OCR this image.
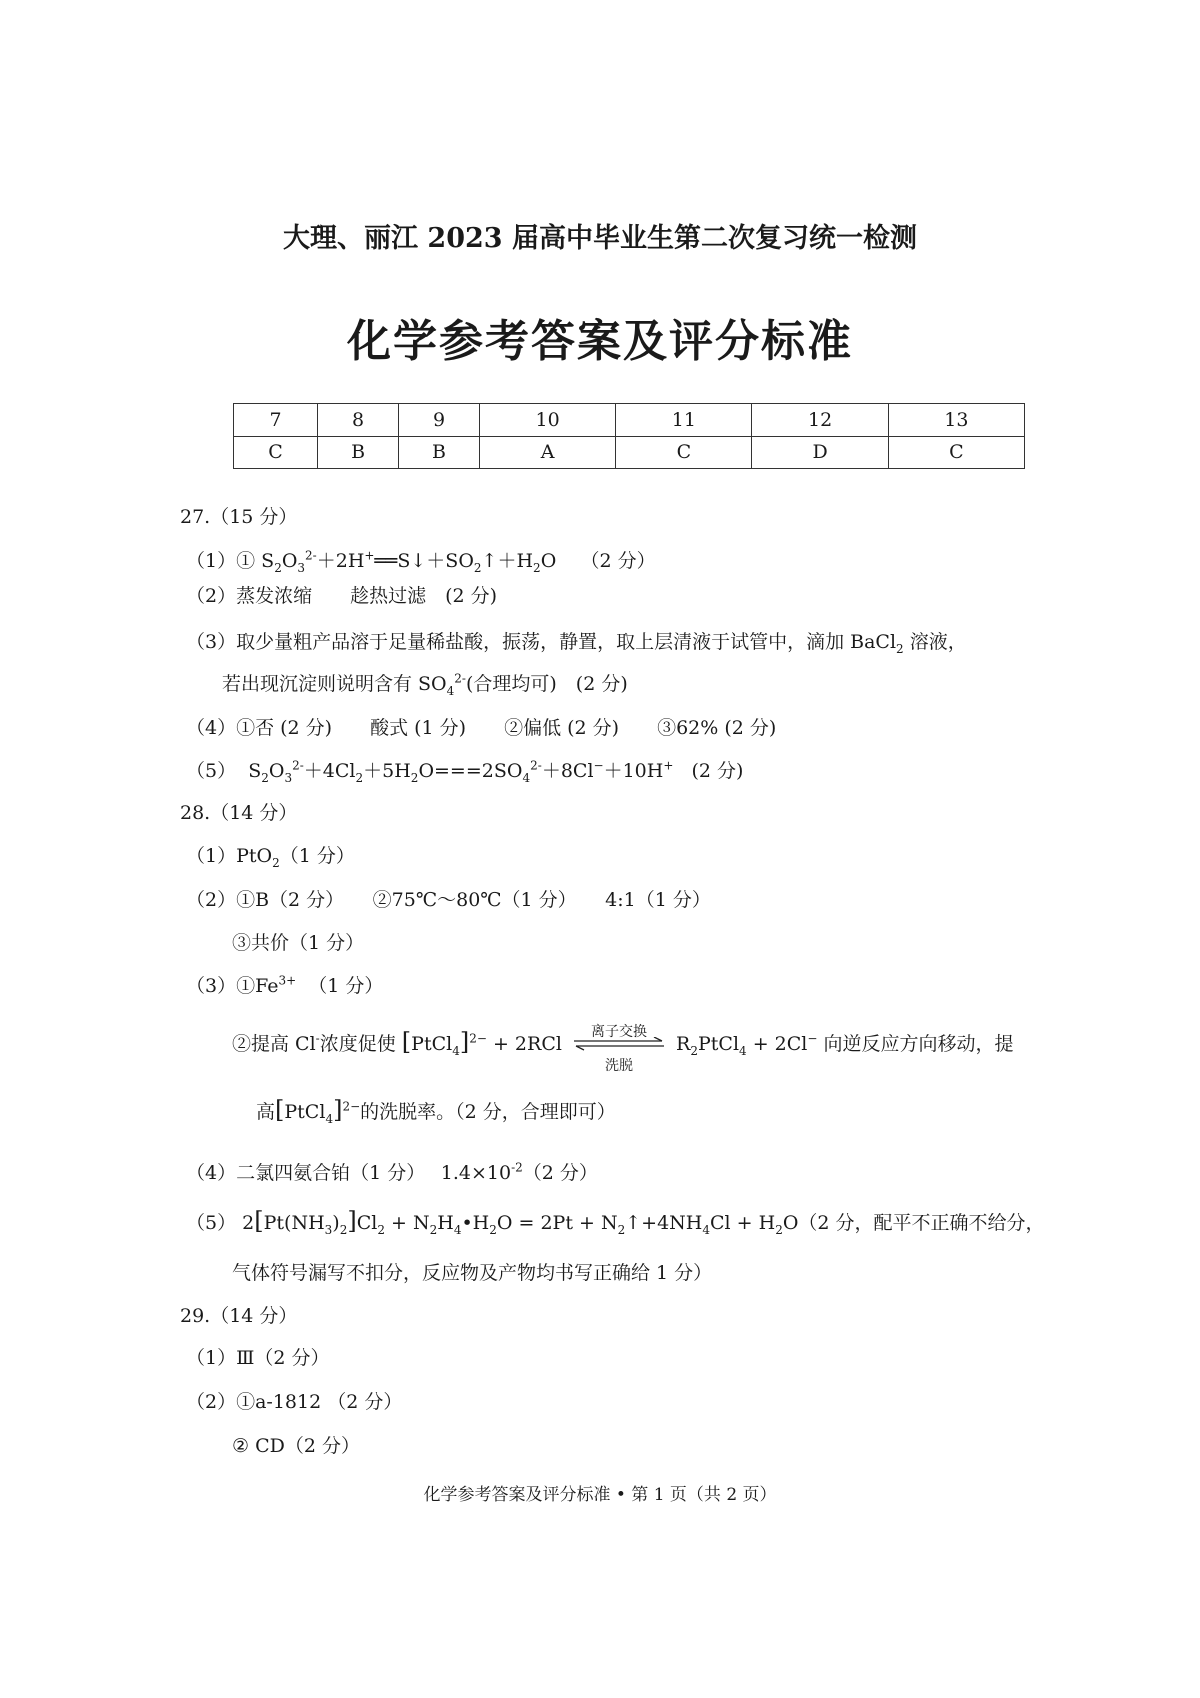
大理、丽江 2023 届高中毕业生第二次复习统一检测
化学参考答案及评分标准
7	8	9	10	11	12	13
C	B	B	A	C	D	C
27.（15 分）
（1）① $S_2O_3^{2-}+2H^+══S↓+SO_2↑+H_2O$ （2 分）
（2）蒸发浓缩　　趁热过滤　(2 分)
（3）取少量粗产品溶于足量稀盐酸，振荡，静置，取上层清液于试管中，滴加 BaCl$_2$ 溶液，
若出现沉淀则说明含有 $SO_4^{2-}$(合理均可)　(2 分)
（4）①否 (2 分)　　酸式 (1 分)　　②偏低 (2 分)　　③62% (2 分)
（5） $S_2O_3^{2-}+4Cl_2+5H_2O===2SO_4^{2-}+8Cl^-+10H^+$ (2 分)
28.（14 分）
（1）PtO$_2$（1 分）
（2）①B（2 分）　　②75℃～80℃（1 分）　　4:1（1 分）
③共价（1 分）
$(3)①Fe^{3+}$ （1 分）
②提高 Cl-浓度促使 [PtCl$_4$]$^{2-}$ + 2RCl
离子交换
洗脱
$R_2PtCl_4 + 2Cl^-$ 向逆反应方向移动，提
高[PtCl$_4$]$^{2-}$的洗脱率。（2 分，合理即可）
（4）二氯四氨合铂（1 分）　 $1.4\times 10^{-2}(2$ 分）
（5） $2[Pt(NH_3)_2]Cl_2$ + $N_2H_4•H_2O = 2Pt$ + $N_2↑+4NH_4Cl + H_2O(2$ 分，配平不正确不给分，
气体符号漏写不扣分，反应物及产物均书写正确给 1 分）
29.（14 分）
（1）Ⅲ（2 分）
（2）①a-1812 （2 分）
② CD（2 分）
化学参考答案及评分标准 • 第 1 页（共 2 页）
